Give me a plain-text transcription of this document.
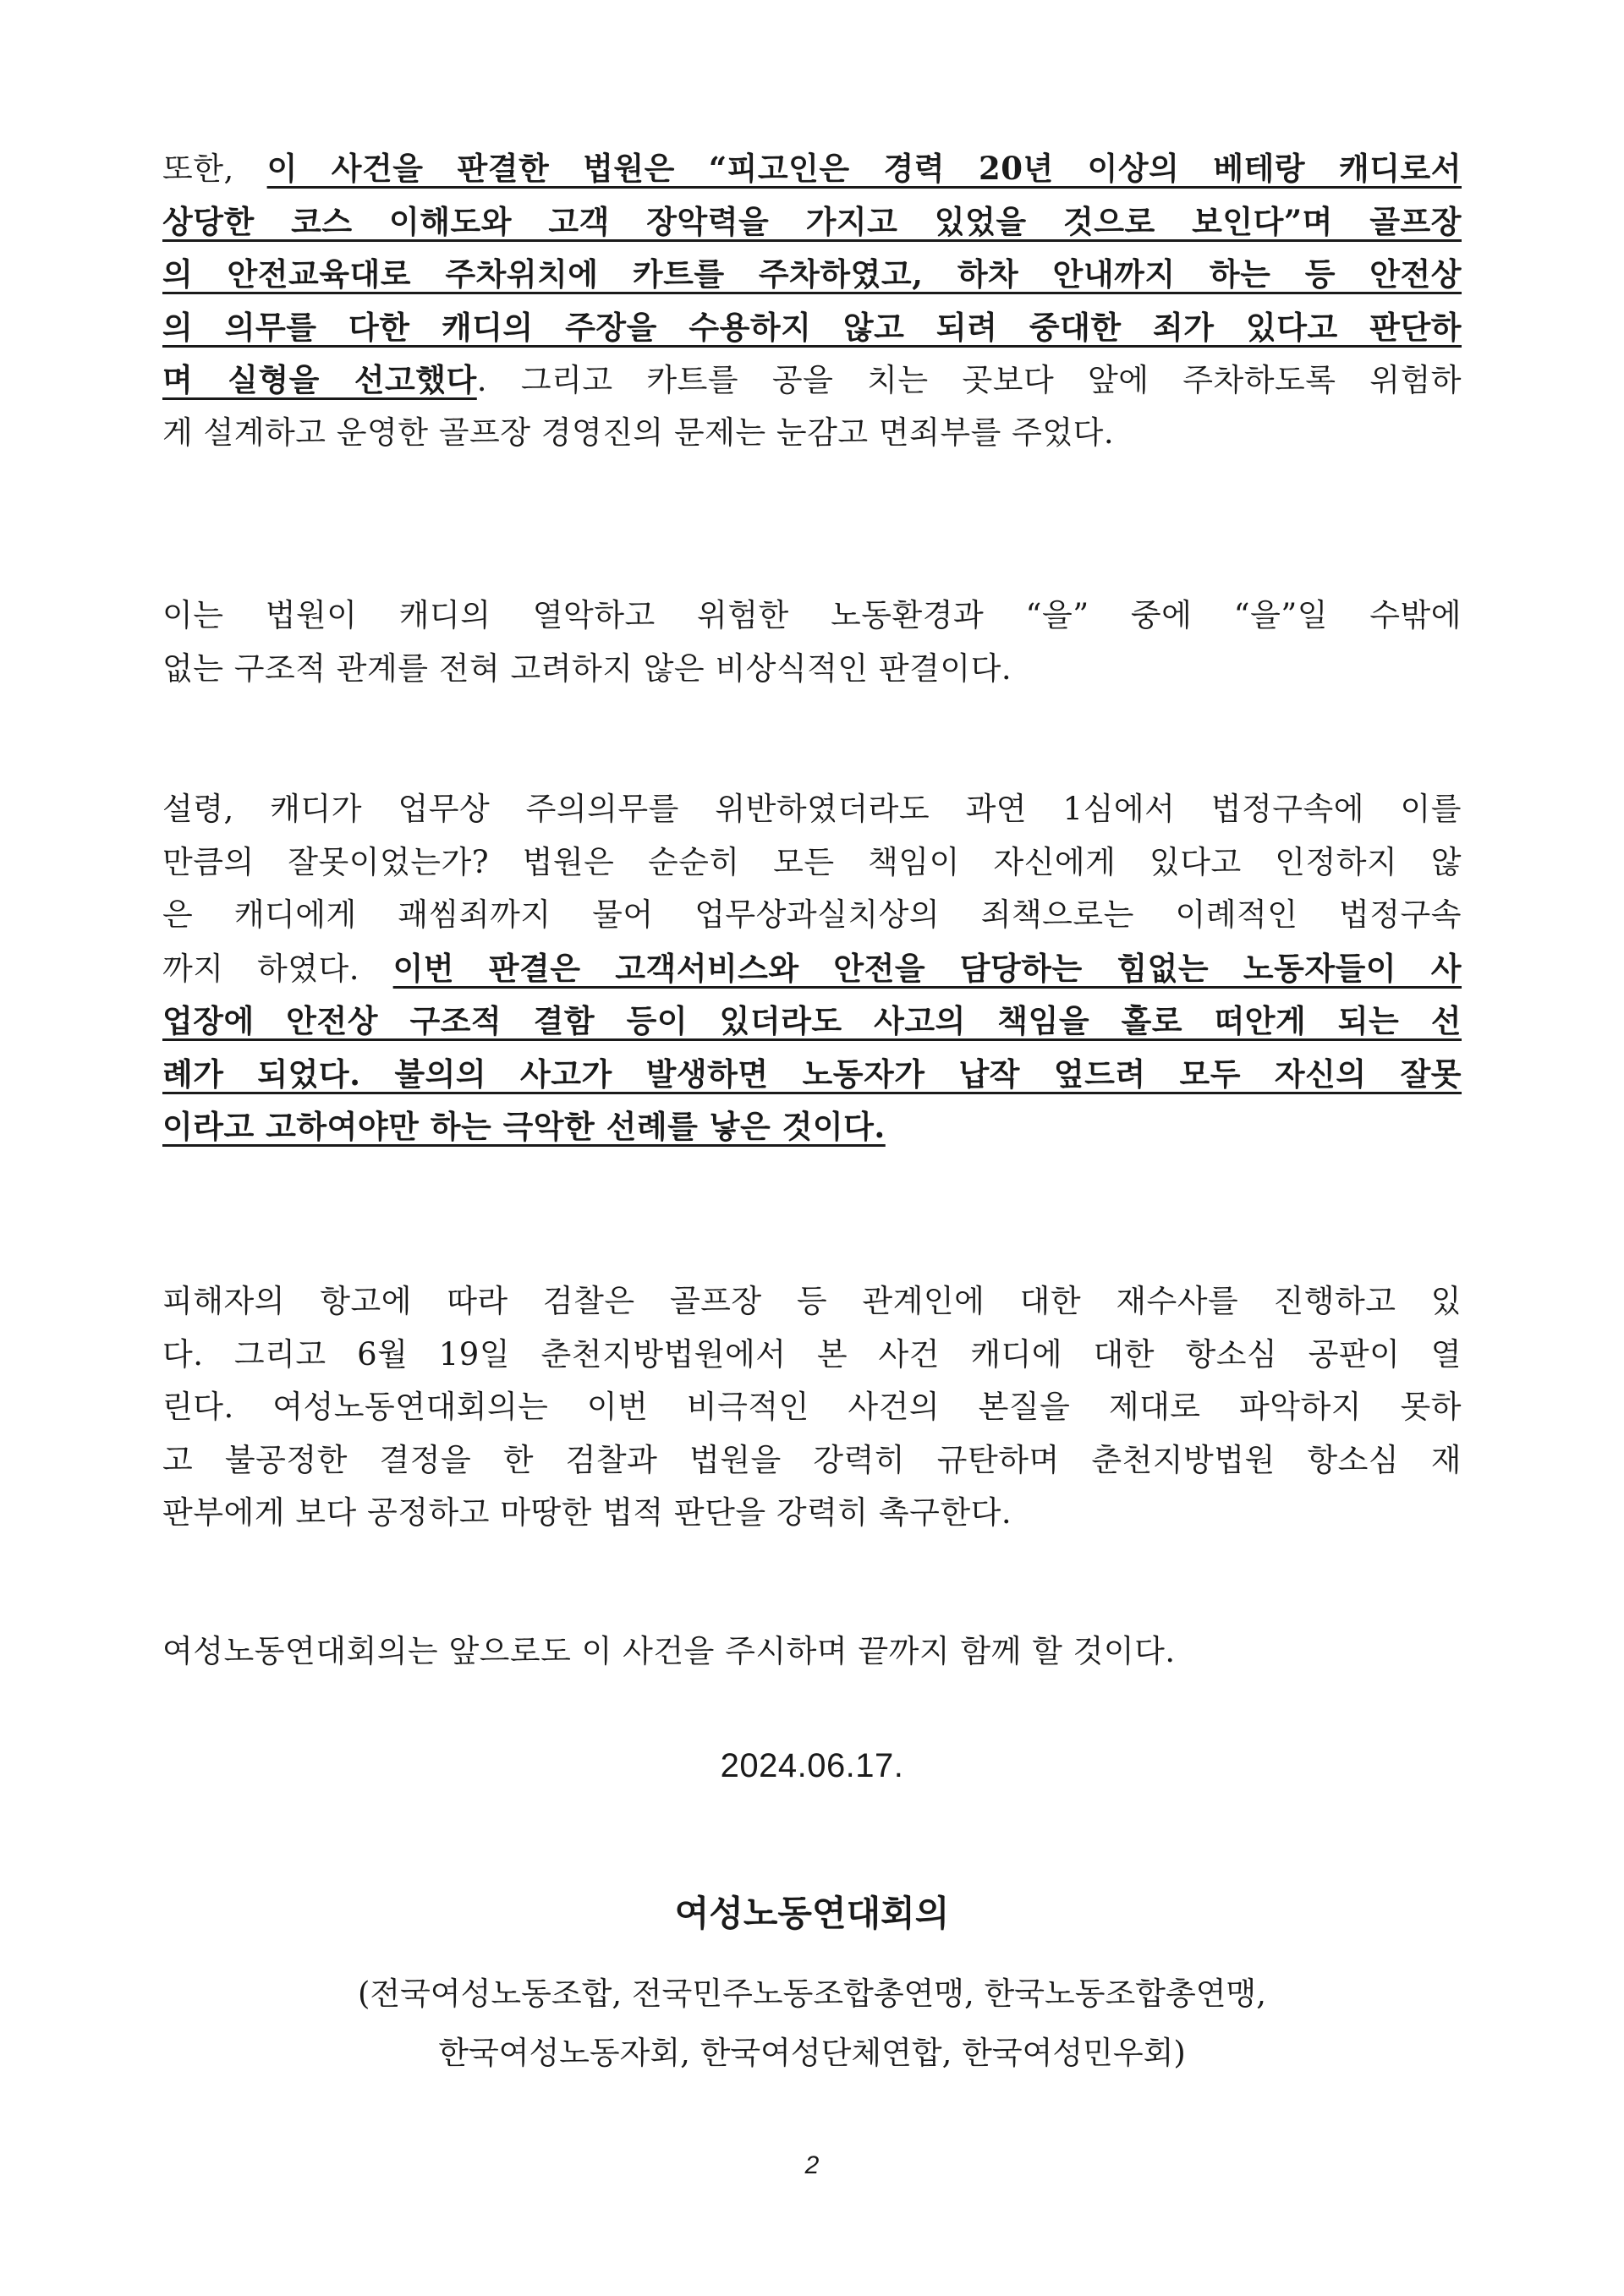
또한, 이 사건을 판결한 법원은 “피고인은 경력 20년 이상의 베테랑 캐디로서
상당한 코스 이해도와 고객 장악력을 가지고 있었을 것으로 보인다”며 골프장
의 안전교육대로 주차위치에 카트를 주차하였고, 하차 안내까지 하는 등 안전상
의 의무를 다한 캐디의 주장을 수용하지 않고 되려 중대한 죄가 있다고 판단하
며 실형을 선고했다. 그리고 카트를 공을 치는 곳보다 앞에 주차하도록 위험하
게 설계하고 운영한 골프장 경영진의 문제는 눈감고 면죄부를 주었다.
이는 법원이 캐디의 열악하고 위험한 노동환경과 “을” 중에 “을”일 수밖에
없는 구조적 관계를 전혀 고려하지 않은 비상식적인 판결이다.
설령, 캐디가 업무상 주의의무를 위반하였더라도 과연 1심에서 법정구속에 이를
만큼의 잘못이었는가? 법원은 순순히 모든 책임이 자신에게 있다고 인정하지 않
은 캐디에게 괘씸죄까지 물어 업무상과실치상의 죄책으로는 이례적인 법정구속
까지 하였다. 이번 판결은 고객서비스와 안전을 담당하는 힘없는 노동자들이 사
업장에 안전상 구조적 결함 등이 있더라도 사고의 책임을 홀로 떠안게 되는 선
례가 되었다. 불의의 사고가 발생하면 노동자가 납작 엎드려 모두 자신의 잘못
이라고 고하여야만 하는 극악한 선례를 낳은 것이다.
피해자의 항고에 따라 검찰은 골프장 등 관계인에 대한 재수사를 진행하고 있
다. 그리고 6월 19일 춘천지방법원에서 본 사건 캐디에 대한 항소심 공판이 열
린다. 여성노동연대회의는 이번 비극적인 사건의 본질을 제대로 파악하지 못하
고 불공정한 결정을 한 검찰과 법원을 강력히 규탄하며 춘천지방법원 항소심 재
판부에게 보다 공정하고 마땅한 법적 판단을 강력히 촉구한다.
여성노동연대회의는 앞으로도 이 사건을 주시하며 끝까지 함께 할 것이다.
2024.06.17.
여성노동연대회의
(전국여성노동조합, 전국민주노동조합총연맹, 한국노동조합총연맹,
한국여성노동자회, 한국여성단체연합, 한국여성민우회)
2
